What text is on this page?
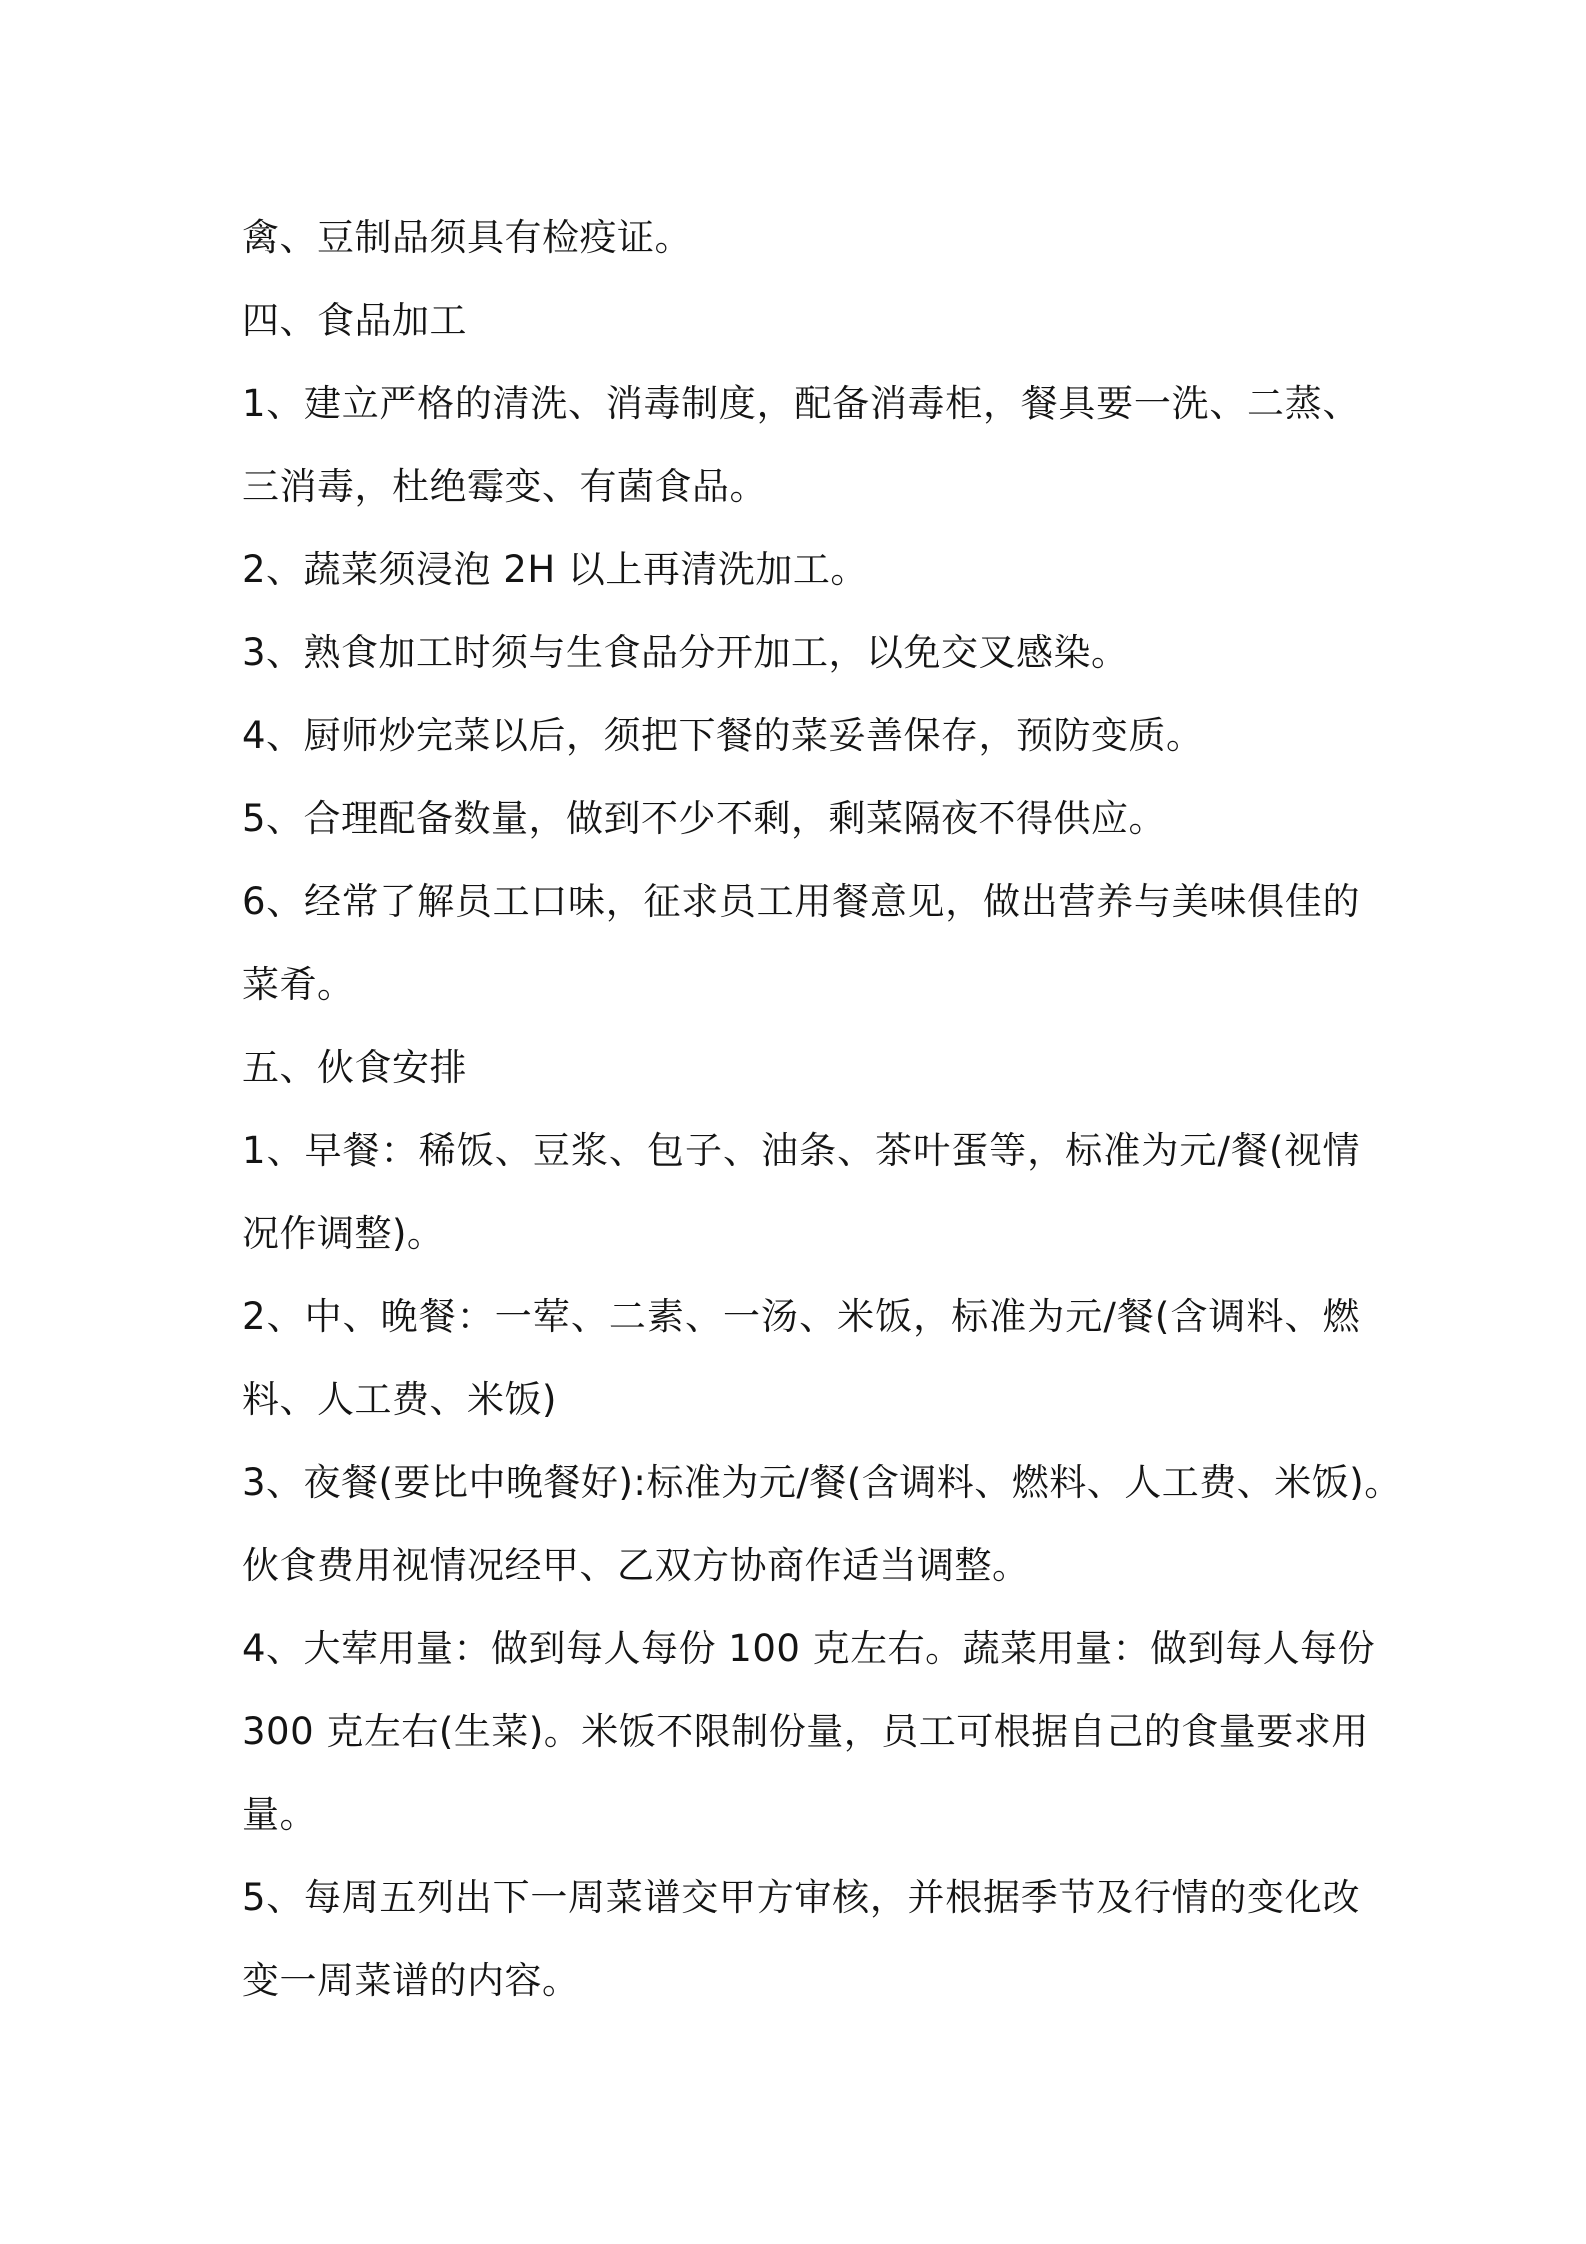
禽、豆制品须具有检疫证。
四、食品加工
1、建立严格的清洗、消毒制度，配备消毒柜，餐具要一洗、二蒸、
三消毒，杜绝霉变、有菌食品。
2、蔬菜须浸泡 2H 以上再清洗加工。
3、熟食加工时须与生食品分开加工，以免交叉感染。
4、厨师炒完菜以后，须把下餐的菜妥善保存，预防变质。
5、合理配备数量，做到不少不剩，剩菜隔夜不得供应。
6、经常了解员工口味，征求员工用餐意见，做出营养与美味俱佳的
菜肴。
五、伙食安排
1、早餐：稀饭、豆浆、包子、油条、茶叶蛋等，标准为元/餐(视情
况作调整)。
2、中、晚餐：一荤、二素、一汤、米饭，标准为元/餐(含调料、燃
料、人工费、米饭)
3、夜餐(要比中晚餐好):标准为元/餐(含调料、燃料、人工费、米饭)。
伙食费用视情况经甲、乙双方协商作适当调整。
4、大荤用量：做到每人每份 100 克左右。蔬菜用量：做到每人每份
300 克左右(生菜)。米饭不限制份量，员工可根据自己的食量要求用
量。
5、每周五列出下一周菜谱交甲方审核，并根据季节及行情的变化改
变一周菜谱的内容。
